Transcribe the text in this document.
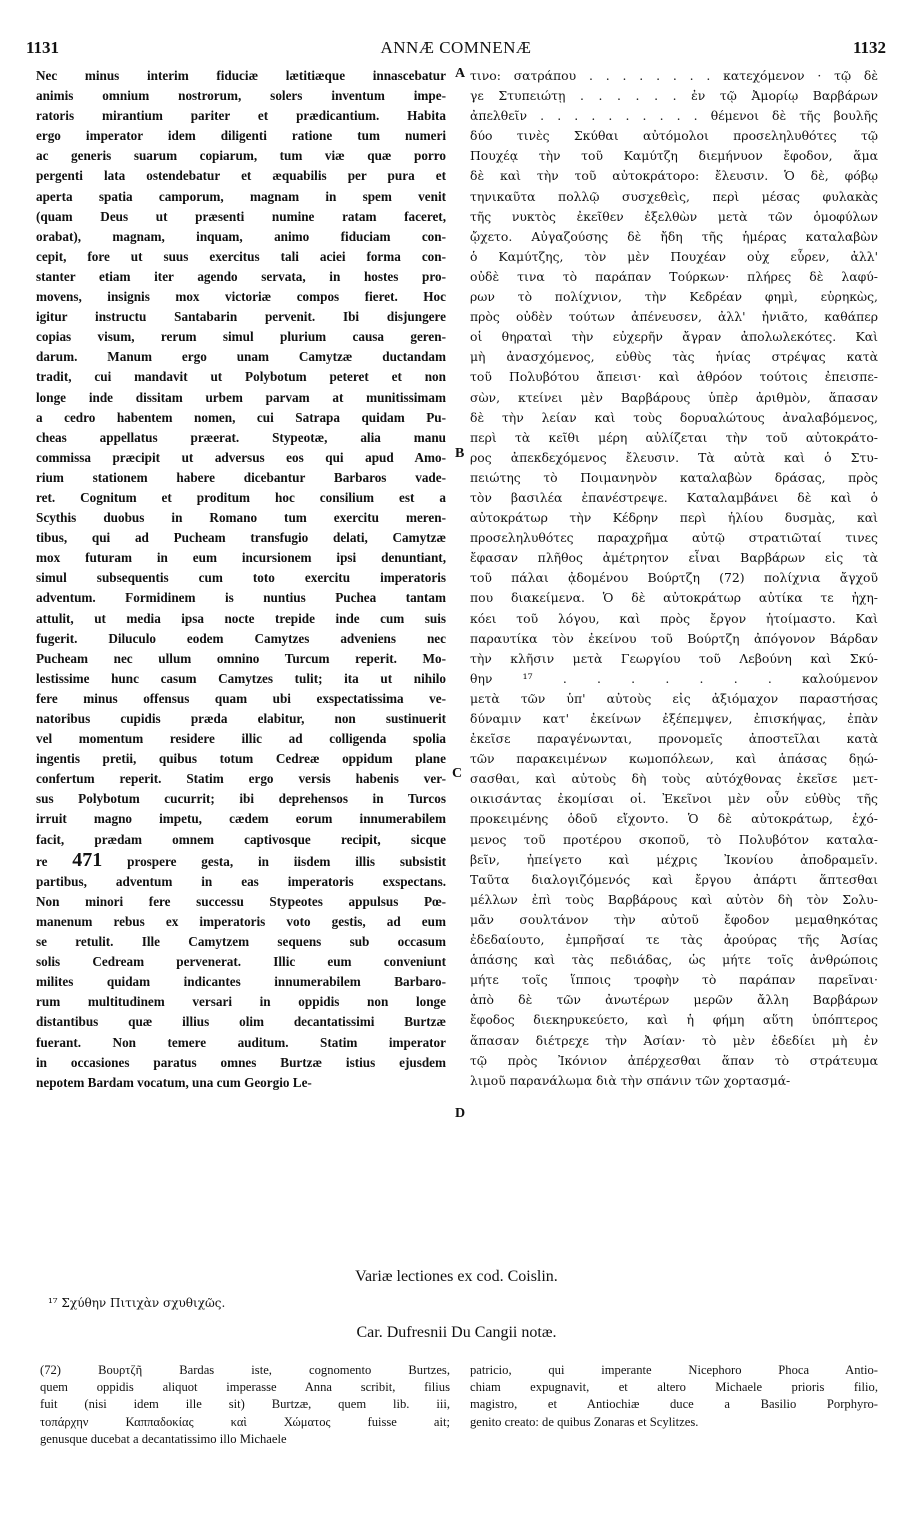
1131	ANNÆ COMNENÆ	1132
Nec minus interim fiduciæ lætitiæque innascebatur
animis omnium nostrorum, solers inventum impe-
ratoris mirantium pariter et prædicantium. Habita
ergo imperator idem diligenti ratione tum numeri
ac generis suarum copiarum, tum viæ quæ porro
pergenti lata ostendebatur et æquabilis per pura et
aperta spatia camporum, magnam in spem venit
(quam Deus ut præsenti numine ratam faceret,
orabat), magnam, inquam, animo fiduciam con-
cepit, fore ut suus exercitus tali aciei forma con-
stanter etiam iter agendo servata, in hostes pro-
movens, insignis mox victoriæ compos fieret. Hoc
igitur instructu Santabarin pervenit. Ibi disjungere
copias visum, rerum simul plurium causa geren-
darum. Manum ergo unam Camytzæ ductandam
tradit, cui mandavit ut Polybotum peteret et non
longe inde dissitam urbem parvam at munitissimam
a cedro habentem nomen, cui Satrapa quidam Pu-
cheas appellatus præerat. Stypeotæ, alia manu
commissa præcipit ut adversus eos qui apud Amo-
rium stationem habere dicebantur Barbaros vade-
ret. Cognitum et proditum hoc consilium est a
Scythis duobus in Romano tum exercitu meren-
tibus, qui ad Pucheam transfugio delati, Camytzæ
mox futuram in eum incursionem ipsi denuntiant,
simul subsequentis cum toto exercitu imperatoris
adventum. Formidinem is nuntius Puchea tantam
attulit, ut media ipsa nocte trepide inde cum suis
fugerit. Diluculo eodem Camytzes adveniens nec
Pucheam nec ullum omnino Turcum reperit. Mo-
lestissime hunc casum Camytzes tulit; ita ut nihilo
fere minus offensus quam ubi exspectatissima ve-
natoribus cupidis præda elabitur, non sustinuerit
vel momentum residere illic ad colligenda spolia
ingentis pretii, quibus totum Cedreæ oppidum plane
confertum reperit. Statim ergo versis habenis ver-
sus Polybotum cucurrit; ibi deprehensos in Turcos
irruit magno impetu, cædem eorum innumerabilem
facit, prædam omnem captivosque recipit, sicque
re 471 prospere gesta, in iisdem illis subsistit
partibus, adventum in eas imperatoris exspectans.
Non minori fere successu Stypeotes appulsus Pœ-
manenum rebus ex imperatoris voto gestis, ad eum
se retulit. Ille Camytzem sequens sub occasum
solis Cedream pervenerat. Illic eum conveniunt
milites quidam indicantes innumerabilem Barbaro-
rum multitudinem versari in oppidis non longe
distantibus quæ illius olim decantatissimi Burtzæ
fuerant. Non temere auditum. Statim imperator
in occasiones paratus omnes Burtzæ istius ejusdem
nepotem Bardam vocatum, una cum Georgio Le-
τινο: σατράπου . . . . . . . . κατεχόμενον · τῷ δὲ
γε Στυπειώτῃ . . . . . . ἐν τῷ Ἀμορίῳ Βαρβάρων
ἀπελθεῖν . . . . . . . . . . θέμενοι δὲ τῆς βουλῆς
δύο τινὲς Σκύθαι αὐτόμολοι προσεληλυθότες τῷ
Πουχέᾳ τὴν τοῦ Καμύτζη διεμήνυον ἔφοδον, ἅμα
δὲ καὶ τὴν τοῦ αὐτοκράτορο: ἔλευσιν. Ὁ δὲ, φόβῳ
τηνικαῦτα πολλῷ συσχεθεὶς, περὶ μέσας φυλακὰς
τῆς νυκτὸς ἐκεῖθεν ἐξελθὼν μετὰ τῶν ὁμοφύλων
ᾤχετο. Αὐγαζούσης δὲ ἤδη τῆς ἡμέρας καταλαβὼν
ὁ Καμύτζης, τὸν μὲν Πουχέαν οὐχ εὗρεν, ἀλλ'
οὐδὲ τινα τὸ παράπαν Τούρκων· πλήρες δὲ λαφύ-
ρων τὸ πολίχνιον, τὴν Κεδρέαν φημὶ, εὑρηκὼς,
πρὸς οὐδὲν τούτων ἀπένευσεν, ἀλλ' ἠνιᾶτο, καθάπερ
οἱ θηραταὶ τὴν εὐχερῆν ἄγραν ἀπολωλεκότες. Καὶ
μὴ ἀνασχόμενος, εὐθὺς τὰς ἡνίας στρέψας κατὰ
τοῦ Πολυβότου ἄπεισι· καὶ ἀθρόον τούτοις ἐπεισπε-
σὼν, κτείνει μὲν Βαρβάρους ὑπὲρ ἀριθμὸν, ἅπασαν
δὲ τὴν λείαν καὶ τοὺς δορυαλώτους ἀναλαβόμενος,
περὶ τὰ κεῖθι μέρη αὐλίζεται τὴν τοῦ αὐτοκράτο-
ρος ἀπεκδεχόμενος ἔλευσιν. Τὰ αὐτὰ καὶ ὁ Στυ-
πειώτης τὸ Ποιμανηνὸν καταλαβὼν δράσας, πρὸς
τὸν βασιλέα ἐπανέστρεψε. Καταλαμβάνει δὲ καὶ ὁ
αὐτοκράτωρ τὴν Κέδρην περὶ ἡλίου δυσμὰς, καὶ
προσεληλυθότες παραχρῆμα αὐτῷ στρατιῶταί τινες
ἔφασαν πλῆθος ἀμέτρητον εἶναι Βαρβάρων εἰς τὰ
τοῦ πάλαι ᾀδομένου Βούρτζη (72) πολίχνια ἄγχοῦ
που διακείμενα. Ὁ δὲ αὐτοκράτωρ αὐτίκα τε ἠχη-
κόει τοῦ λόγου, καὶ πρὸς ἔργον ἡτοίμαστο. Καὶ
παραυτίκα τὸν ἐκείνου τοῦ Βούρτζη ἀπόγονον Βάρδαν
τὴν κλῆσιν μετὰ Γεωργίου τοῦ Λεβούνη καὶ Σκύ-
θην ¹⁷ . . . . . . . καλούμενον
μετὰ τῶν ὑπ' αὐτοὺς εἰς ἀξιόμαχον παραστήσας
δύναμιν κατ' ἐκείνων ἐξέπεμψεν, ἐπισκήψας, ἐπὰν
ἐκεῖσε παραγένωνται, προνομεῖς ἀποστεῖλαι κατὰ
τῶν παρακειμένων κωμοπόλεων, καὶ ἁπάσας δῃώ-
σασθαι, καὶ αὐτοὺς δὴ τοὺς αὐτόχθονας ἐκεῖσε μετ-
οικισάντας ἐκομίσαι οἱ. Ἐκεῖνοι μὲν οὖν εὐθὺς τῆς
προκειμένης ὁδοῦ εἴχοντο. Ὁ δὲ αὐτοκράτωρ, ἐχό-
μενος τοῦ προτέρου σκοποῦ, τὸ Πολυβότον καταλα-
βεῖν, ἠπείγετο καὶ μέχρις Ἰκονίου ἀποδραμεῖν.
Ταῦτα διαλογιζόμενός καὶ ἔργου ἀπάρτι ἅπτεσθαι
μέλλων ἐπὶ τοὺς Βαρβάρους καὶ αὐτὸν δὴ τὸν Σολυ-
μᾶν σουλτάνον τὴν αὐτοῦ ἔφοδον μεμαθηκότας
ἐδεδαίουτο, ἐμπρῆσαί τε τὰς ἀρούρας τῆς Ἀσίας
ἁπάσης καὶ τὰς πεδιάδας, ὡς μήτε τοῖς ἀνθρώποις
μήτε τοῖς ἵπποις τροφὴν τὸ παράπαν παρεῖναι·
ἀπὸ δὲ τῶν ἀνωτέρων μερῶν ἄλλη Βαρβάρων
ἔφοδος διεκηρυκεύετο, καὶ ἡ φήμη αὕτη ὑπόπτερος
ἅπασαν διέτρεχε τὴν Ἀσίαν· τὸ μὲν ἐδεδίει μὴ ἐν
τῷ πρὸς Ἰκόνιον ἀπέρχεσθαι ἅπαν τὸ στράτευμα
λιμοῦ παρανάλωμα διὰ τὴν σπάνιν τῶν χορτασμά-
A
B
C
D
Variæ lectiones ex cod. Coislin.
¹⁷ Σχύθην Πιτιχὰν σχυθιχῶς.
Car. Dufresnii Du Cangii notæ.
(72) Βουρτζῆ Bardas iste, cognomento Burtzes,
quem oppidis aliquot imperasse Anna scribit, filius
fuit (nisi idem ille sit) Burtzæ, quem lib. iii,
τοπάρχην Καππαδοκίας καὶ Χώματος fuisse ait;
genusque ducebat a decantatissimo illo Michaele
patricio, qui imperante Nicephoro Phoca Antio-
chiam expugnavit, et altero Michaele prioris filio,
magistro, et Antiochiæ duce a Basilio Porphyro-
genito creato: de quibus Zonaras et Scylitzes.
